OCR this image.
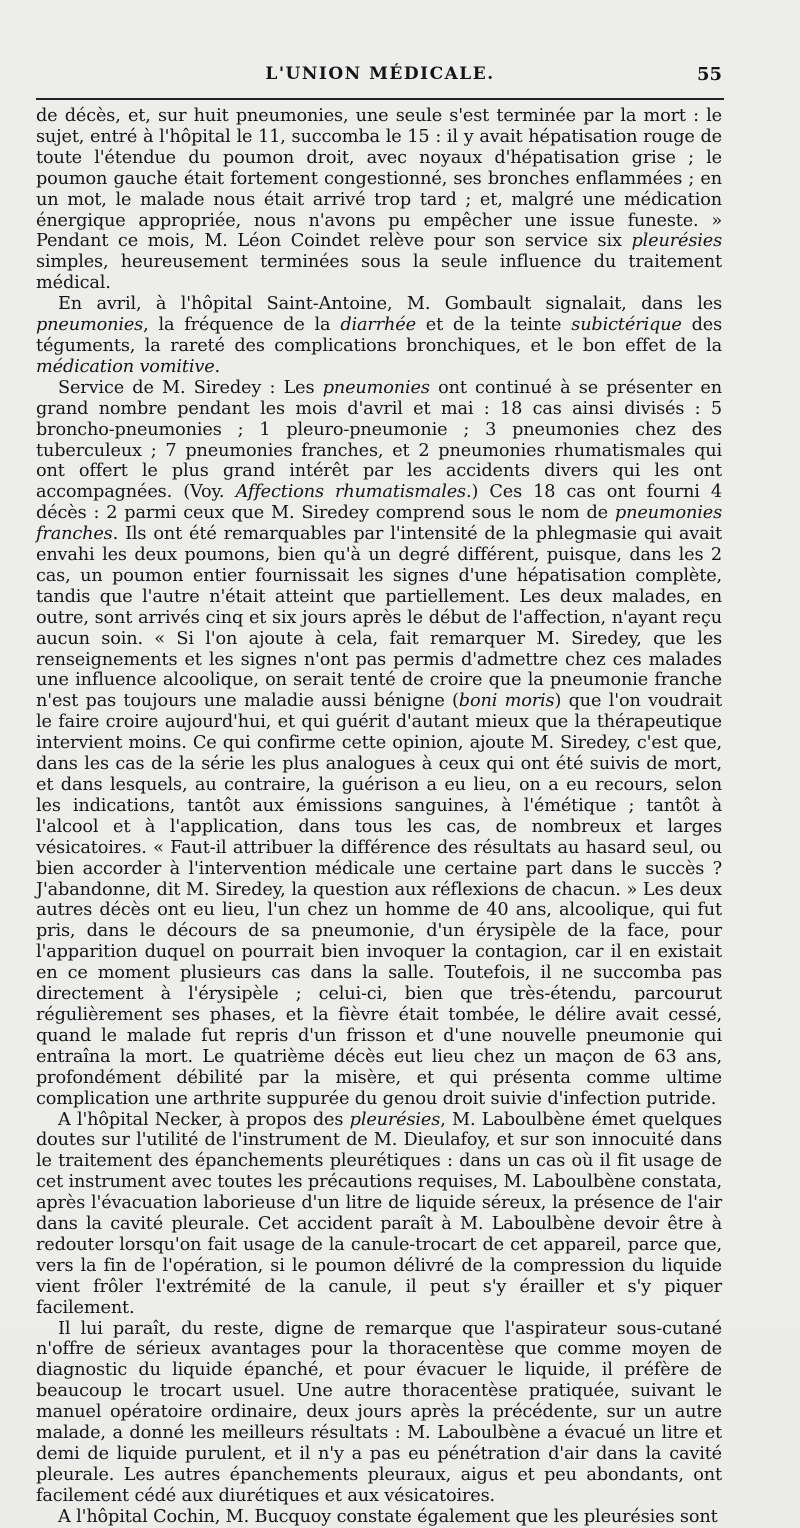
L'UNION MÉDICALE.	55

de décès, et, sur huit pneumonies, une seule s'est terminée par la mort : le sujet, entré à l'hôpital le 11, succomba le 15 : il y avait hépatisation rouge de toute l'étendue du poumon droit, avec noyaux d'hépatisation grise ; le poumon gauche était fortement congestionné, ses bronches enflammées ; en un mot, le malade nous était arrivé trop tard ; et, malgré une médication énergique appropriée, nous n'avons pu empêcher une issue funeste. » Pendant ce mois, M. Léon Coindet relève pour son service six pleurésies simples, heureusement terminées sous la seule influence du traitement médical.

En avril, à l'hôpital Saint-Antoine, M. Gombault signalait, dans les pneumonies, la fréquence de la diarrhée et de la teinte subictérique des téguments, la rareté des complications bronchiques, et le bon effet de la médication vomitive.

Service de M. Siredey : Les pneumonies ont continué à se présenter en grand nombre pendant les mois d'avril et mai : 18 cas ainsi divisés : 5 broncho-pneumonies ; 1 pleuro-pneumonie ; 3 pneumonies chez des tuberculeux ; 7 pneumonies franches, et 2 pneumonies rhumatismales qui ont offert le plus grand intérêt par les accidents divers qui les ont accompagnées. (Voy. Affections rhumatismales.) Ces 18 cas ont fourni 4 décès : 2 parmi ceux que M. Siredey comprend sous le nom de pneumonies franches. Ils ont été remarquables par l'intensité de la phlegmasie qui avait envahi les deux poumons, bien qu'à un degré différent, puisque, dans les 2 cas, un poumon entier fournissait les signes d'une hépatisation complète, tandis que l'autre n'était atteint que partiellement. Les deux malades, en outre, sont arrivés cinq et six jours après le début de l'affection, n'ayant reçu aucun soin. « Si l'on ajoute à cela, fait remarquer M. Siredey, que les renseignements et les signes n'ont pas permis d'admettre chez ces malades une influence alcoolique, on serait tenté de croire que la pneumonie franche n'est pas toujours une maladie aussi bénigne (boni moris) que l'on voudrait le faire croire aujourd'hui, et qui guérit d'autant mieux que la thérapeutique intervient moins. Ce qui confirme cette opinion, ajoute M. Siredey, c'est que, dans les cas de la série les plus analogues à ceux qui ont été suivis de mort, et dans lesquels, au contraire, la guérison a eu lieu, on a eu recours, selon les indications, tantôt aux émissions sanguines, à l'émétique ; tantôt à l'alcool et à l'application, dans tous les cas, de nombreux et larges vésicatoires. « Faut-il attribuer la différence des résultats au hasard seul, ou bien accorder à l'intervention médicale une certaine part dans le succès ? J'abandonne, dit M. Siredey, la question aux réflexions de chacun. » Les deux autres décès ont eu lieu, l'un chez un homme de 40 ans, alcoolique, qui fut pris, dans le décours de sa pneumonie, d'un érysipèle de la face, pour l'apparition duquel on pourrait bien invoquer la contagion, car il en existait en ce moment plusieurs cas dans la salle. Toutefois, il ne succomba pas directement à l'érysipèle ; celui-ci, bien que très-étendu, parcourut régulièrement ses phases, et la fièvre était tombée, le délire avait cessé, quand le malade fut repris d'un frisson et d'une nouvelle pneumonie qui entraîna la mort. Le quatrième décès eut lieu chez un maçon de 63 ans, profondément débilité par la misère, et qui présenta comme ultime complication une arthrite suppurée du genou droit suivie d'infection putride.

A l'hôpital Necker, à propos des pleurésies, M. Laboulbène émet quelques doutes sur l'utilité de l'instrument de M. Dieulafoy, et sur son innocuité dans le traitement des épanchements pleurétiques : dans un cas où il fit usage de cet instrument avec toutes les précautions requises, M. Laboulbène constata, après l'évacuation laborieuse d'un litre de liquide séreux, la présence de l'air dans la cavité pleurale. Cet accident paraît à M. Laboulbène devoir être à redouter lorsqu'on fait usage de la canule-trocart de cet appareil, parce que, vers la fin de l'opération, si le poumon délivré de la compression du liquide vient frôler l'extrémité de la canule, il peut s'y érailler et s'y piquer facilement.

Il lui paraît, du reste, digne de remarque que l'aspirateur sous-cutané n'offre de sérieux avantages pour la thoracentèse que comme moyen de diagnostic du liquide épanché, et pour évacuer le liquide, il préfère de beaucoup le trocart usuel. Une autre thoracentèse pratiquée, suivant le manuel opératoire ordinaire, deux jours après la précédente, sur un autre malade, a donné les meilleurs résultats : M. Laboulbène a évacué un litre et demi de liquide purulent, et il n'y a pas eu pénétration d'air dans la cavité pleurale. Les autres épanchements pleuraux, aigus et peu abondants, ont facilement cédé aux diurétiques et aux vésicatoires.

A l'hôpital Cochin, M. Bucquoy constate également que les pleurésies sont
